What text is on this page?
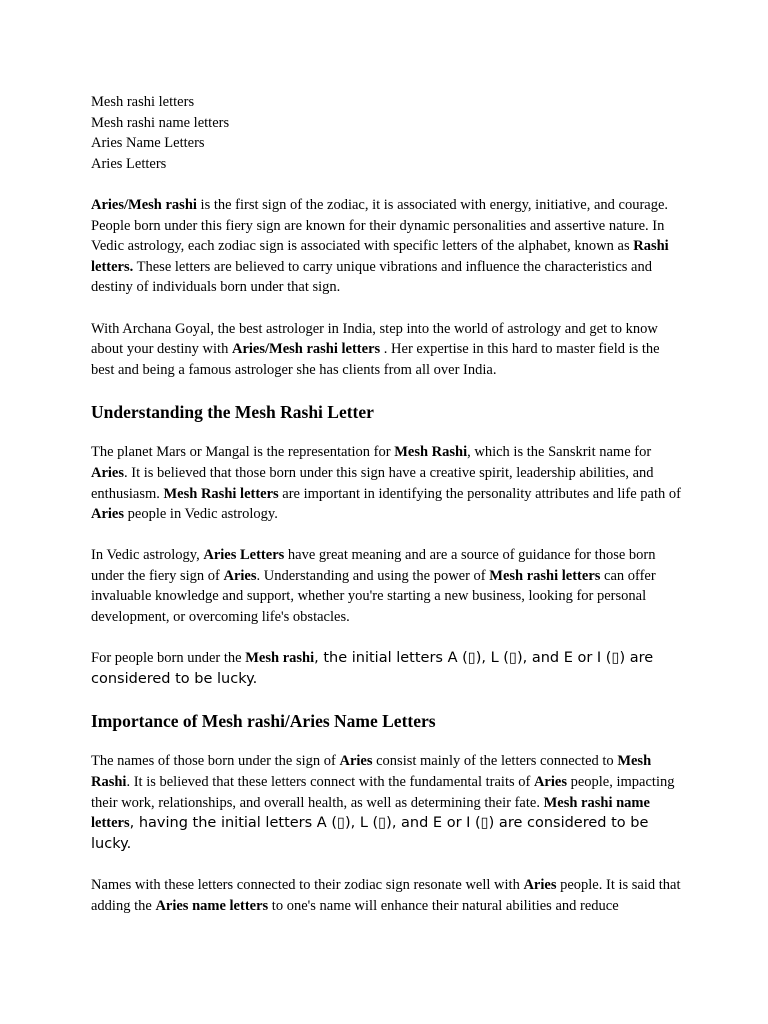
Mesh rashi letters
Mesh rashi name letters
Aries Name Letters
Aries Letters

Aries/Mesh rashi is the first sign of the zodiac, it is associated with energy, initiative, and courage. People born under this fiery sign are known for their dynamic personalities and assertive nature. In Vedic astrology, each zodiac sign is associated with specific letters of the alphabet, known as Rashi letters. These letters are believed to carry unique vibrations and influence the characteristics and destiny of individuals born under that sign.

With Archana Goyal, the best astrologer in India, step into the world of astrology and get to know about your destiny with Aries/Mesh rashi letters . Her expertise in this hard to master field is the best and being a famous astrologer she has clients from all over India.

Understanding the Mesh Rashi Letter

The planet Mars or Mangal is the representation for Mesh Rashi, which is the Sanskrit name for Aries. It is believed that those born under this sign have a creative spirit, leadership abilities, and enthusiasm. Mesh Rashi letters are important in identifying the personality attributes and life path of Aries people in Vedic astrology.

In Vedic astrology, Aries Letters have great meaning and are a source of guidance for those born under the fiery sign of Aries. Understanding and using the power of Mesh rashi letters can offer invaluable knowledge and support, whether you're starting a new business, looking for personal development, or overcoming life's obstacles.

For people born under the Mesh rashi, the initial letters A (▯), L (▯), and E or I (▯) are considered to be lucky.

Importance of Mesh rashi/Aries Name Letters

The names of those born under the sign of Aries consist mainly of the letters connected to Mesh Rashi. It is believed that these letters connect with the fundamental traits of Aries people, impacting their work, relationships, and overall health, as well as determining their fate. Mesh rashi name letters, having the initial letters A (▯), L (▯), and E or I (▯) are considered to be lucky.

Names with these letters connected to their zodiac sign resonate well with Aries people. It is said that adding the Aries name letters to one's name will enhance their natural abilities and reduce
